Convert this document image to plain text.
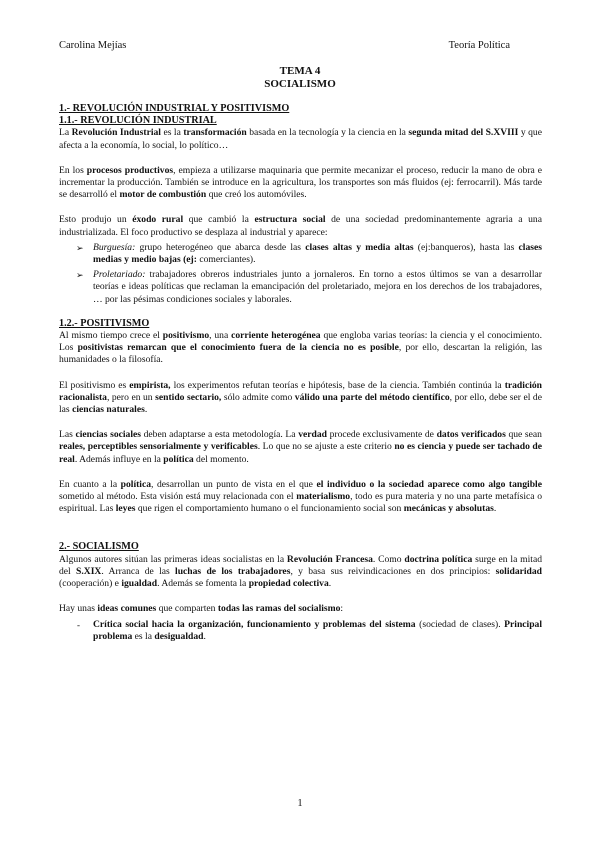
Carolina Mejías	Teoría Política
TEMA 4
SOCIALISMO
1.- REVOLUCIÓN INDUSTRIAL Y POSITIVISMO
1.1.- REVOLUCIÓN INDUSTRIAL

La Revolución Industrial es la transformación basada en la tecnología y la ciencia en la segunda mitad del S.XVIII y que afecta a la economía, lo social, lo político…

En los procesos productivos, empieza a utilizarse maquinaria que permite mecanizar el proceso, reducir la mano de obra e incrementar la producción. También se introduce en la agricultura, los transportes son más fluidos (ej: ferrocarril). Más tarde se desarrolló el motor de combustión que creó los automóviles.

Esto produjo un éxodo rural que cambió la estructura social de una sociedad predominantemente agraria a una industrializada. El foco productivo se desplaza al industrial y aparece:

➢ Burguesía: grupo heterogéneo que abarca desde las clases altas y media altas (ej:banqueros), hasta las clases medias y medio bajas (ej: comerciantes).
➢ Proletariado: trabajadores obreros industriales junto a jornaleros. En torno a estos últimos se van a desarrollar teorías e ideas políticas que reclaman la emancipación del proletariado, mejora en los derechos de los trabajadores, … por las pésimas condiciones sociales y laborales.
1.2.- POSITIVISMO

Al mismo tiempo crece el positivismo, una corriente heterogénea que engloba varias teorías: la ciencia y el conocimiento. Los positivistas remarcan que el conocimiento fuera de la ciencia no es posible, por ello, descartan la religión, las humanidades o la filosofía.

El positivismo es empirista, los experimentos refutan teorías e hipótesis, base de la ciencia. También continúa la tradición racionalista, pero en un sentido sectario, sólo admite como válido una parte del método científico, por ello, debe ser el de las ciencias naturales.

Las ciencias sociales deben adaptarse a esta metodología. La verdad procede exclusivamente de datos verificados que sean reales, perceptibles sensorialmente y verificables. Lo que no se ajuste a este criterio no es ciencia y puede ser tachado de real. Además influye en la política del momento.

En cuanto a la política, desarrollan un punto de vista en el que el individuo o la sociedad aparece como algo tangible sometido al método. Esta visión está muy relacionada con el materialismo, todo es pura materia y no una parte metafísica o espiritual. Las leyes que rigen el comportamiento humano o el funcionamiento social son mecánicas y absolutas.

2.- SOCIALISMO

Algunos autores sitúan las primeras ideas socialistas en la Revolución Francesa. Como doctrina política surge en la mitad del S.XIX. Arranca de las luchas de los trabajadores, y basa sus reivindicaciones en dos principios: solidaridad (cooperación) e igualdad. Además se fomenta la propiedad colectiva.

Hay unas ideas comunes que comparten todas las ramas del socialismo:

- Crítica social hacia la organización, funcionamiento y problemas del sistema (sociedad de clases). Principal problema es la desigualdad.
1
